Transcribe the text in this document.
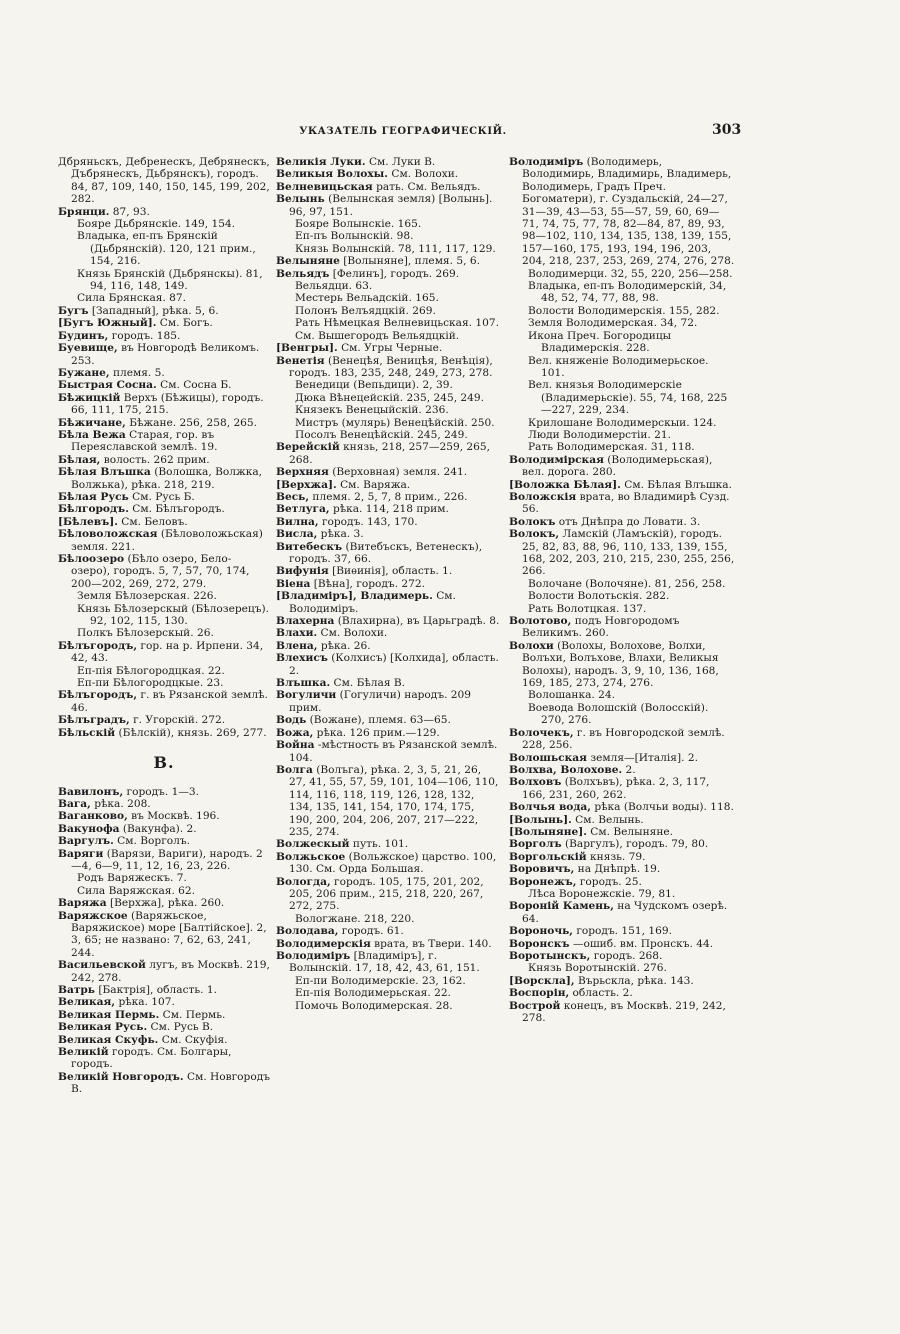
УКАЗАТЕЛЬ ГЕОГРАФИЧЕСКІЙ.	303

Дбряньскъ, Дебренескъ, Дебрянескъ, Дъбрянескъ, Дьбрянскъ), городъ. 84, 87, 109, 140, 150, 145, 199, 202, 282.

Брянци. 87, 93.

Бояре Дьбрянскіе. 149, 154.

Владыка, еп-пъ Брянскій (Дьбрянскій). 120, 121 прим., 154, 216.

Князь Брянскій (Дьбрянскы). 81, 94, 116, 148, 149.

Сила Брянская. 87.

Бугъ [Западный], рѣка. 5, 6.

[Бугъ Южный]. См. Богъ.

Будинъ, городъ. 185.

Буевище, въ Новгородѣ Великомъ. 253.

Бужане, племя. 5.

Быстрая Сосна. См. Сосна Б.

Бѣжицкій Верхъ (Бѣжицы), городъ. 66, 111, 175, 215.

Бѣжичане, Бѣжане. 256, 258, 265.

Бѣла Вежа Старая, гор. въ Переяславской землѣ. 19.

Бѣлая, волость. 262 прим.

Бѣлая Влъшка (Волошка, Волжка, Волжька), рѣка. 218, 219.

Бѣлая Русь См. Русь Б.

Бѣлгородъ. См. Бѣлъгородъ.

[Бѣлевъ]. См. Беловъ.

Бѣловоложская (Бѣловоложьская) земля. 221.

Бѣлоозеро (Бѣло озеро, Бело-озеро), городъ. 5, 7, 57, 70, 174, 200—202, 269, 272, 279.

Земля Бѣлозерская. 226.

Князь Бѣлозерскый (Бѣлозерецъ). 92, 102, 115, 130.

Полкъ Бѣлозерскый. 26.

Бѣлъгородъ, гор. на р. Ирпени. 34, 42, 43.

Еп-пія Бѣлогородцкая. 22.

Еп-пи Бѣлогородцкые. 23.

Бѣлъгородъ, г. въ Рязанской землѣ. 46.

Бѣлъградъ, г. Угорскій. 272.

Бѣльскій (Бѣлскій), князь. 269, 277.

В.

Вавилонъ, городъ. 1—3.

Вага, рѣка. 208.

Ваганково, въ Москвѣ. 196.

Вакунофа (Вакунфа). 2.

Варгулъ. См. Ворголъ.

Варяги (Варязи, Вариги), народъ. 2—4, 6—9, 11, 12, 16, 23, 226.

Родъ Варяжескъ. 7.

Сила Варяжская. 62.

Варяжа [Верхжа], рѣка. 260.

Варяжское (Варяжьское, Варяжиское) море [Балтійское]. 2, 3, 65; не названо: 7, 62, 63, 241, 244.

Васильевской лугъ, въ Москвѣ. 219, 242, 278.

Ватрь [Бактрія], область. 1.

Великая, рѣка. 107.

Великая Пермь. См. Пермь.

Великая Русь. См. Русь В.

Великая Скуфь. См. Скуфія.

Великій городъ. См. Болгары, городъ.

Великій Новгородъ. См. Новгородъ В.

Великія Луки. См. Луки В.

Великыя Волохы. См. Волохи.

Велневицьская рать. См. Вельядъ.

Велынь (Велынская земля) [Волынь]. 96, 97, 151.

Бояре Волынскіе. 165.

Еп-пъ Волынскій. 98.

Князь Волынскій. 78, 111, 117, 129.

Велыняне [Волыняне], племя. 5, 6.

Вельядъ [Фелинъ], городъ. 269.

Вельядци. 63.

Местерь Вельадскій. 165.

Полонъ Велъядцкій. 269.

Рать Нѣмецкая Велневицьская. 107.

См. Вышегородъ Вельядцкій.

[Венгры]. См. Угры Черные.

Венетія (Венецѣя, Веницѣя, Венѣція), городъ. 183, 235, 248, 249, 273, 278.

Венедици (Вепьдици). 2, 39.

Дюка Вѣнецейскій. 235, 245, 249.

Князекъ Венецыйскій. 236.

Мистръ (мулярь) Венецѣйскій. 250.

Посолъ Венецѣйскій. 245, 249.

Верейскій князь, 218, 257—259, 265, 268.

Верхняя (Верховная) земля. 241.

[Верхжа]. См. Варяжа.

Весь, племя. 2, 5, 7, 8 прим., 226.

Ветлуга, рѣка. 114, 218 прим.

Вилна, городъ. 143, 170.

Висла, рѣка. 3.

Витебескъ (Витебъскъ, Ветенескъ), городъ. 37, 66.

Вифунія [Виѳинія], область. 1.

Віена [Вѣна], городъ. 272.

[Владиміръ], Владимерь. См. Володиміръ.

Влахерна (Влахирна), въ Царьградѣ. 8.

Влахи. См. Волохи.

Влена, рѣка. 26.

Влехисъ (Колхисъ) [Колхида], область. 2.

Влъшка. См. Бѣлая В.

Вогуличи (Гогуличи) народъ. 209 прим.

Водь (Вожане), племя. 63—65.

Вожа, рѣка. 126 прим.—129.

Война -мѣстность въ Рязанской землѣ. 104.

Волга (Волъга), рѣка. 2, 3, 5, 21, 26, 27, 41, 55, 57, 59, 101, 104—106, 110, 114, 116, 118, 119, 126, 128, 132, 134, 135, 141, 154, 170, 174, 175, 190, 200, 204, 206, 207, 217—222, 235, 274.

Волжескый путь. 101.

Волжьское (Вольжское) царство. 100, 130. См. Орда Большая.

Вологда, городъ. 105, 175, 201, 202, 205, 206 прим., 215, 218, 220, 267, 272, 275.

Вологжане. 218, 220.

Володава, городъ. 61.

Володимерскія врата, въ Твери. 140.

Володиміръ [Владиміръ], г. Волынскій. 17, 18, 42, 43, 61, 151.

Еп-пи Володимерскіе. 23, 162.

Еп-пія Володимерьская. 22.

Помочь Володимерская. 28.

Володиміръ (Володимерь, Володимирь, Владимирь, Владимерь, Володимерь, Градъ Преч. Богоматери), г. Суздальскій, 24—27, 31—39, 43—53, 55—57, 59, 60, 69—71, 74, 75, 77, 78, 82—84, 87, 89, 93, 98—102, 110, 134, 135, 138, 139, 155, 157—160, 175, 193, 194, 196, 203, 204, 218, 237, 253, 269, 274, 276, 278.

Володимерци. 32, 55, 220, 256—258.

Владыка, еп-пъ Володимерскій, 34, 48, 52, 74, 77, 88, 98.

Волости Володимерскія. 155, 282.

Земля Володимерская. 34, 72.

Икона Преч. Богородицы Владимерскія. 228.

Вел. княженіе Володимерьское. 101.

Вел. князья Володимерскіе (Владимерьскіе). 55, 74, 168, 225—227, 229, 234.

Крилошане Володимерскыи. 124.

Люди Володимерстіи. 21.

Рать Володимерская. 31, 118.

Володимірская (Володимерьская), вел. дорога. 280.

[Воложка Бѣлая]. См. Бѣлая Влъшка.

Воложскія врата, во Владимирѣ Сузд. 56.

Волокъ отъ Днѣпра до Ловати. 3.

Волокъ, Ламскій (Ламъскій), городъ. 25, 82, 83, 88, 96, 110, 133, 139, 155, 168, 202, 203, 210, 215, 230, 255, 256, 266.

Волочане (Волочяне). 81, 256, 258.

Волости Волотьскія. 282.

Рать Волотцкая. 137.

Волотово, подъ Новгородомъ Великимъ. 260.

Волохи (Волохы, Волохове, Волхи, Волъхи, Волъхове, Влахи, Великыя Волохы), народъ. 3, 9, 10, 136, 168, 169, 185, 273, 274, 276.

Волошанка. 24.

Воевода Волошскій (Волосскій). 270, 276.

Волочекъ, г. въ Новгородской землѣ. 228, 256.

Волошьская земля—[Италія]. 2.

Волхва, Волохове. 2.

Волховъ (Волхъвъ), рѣка. 2, 3, 117, 166, 231, 260, 262.

Волчья вода, рѣка (Волчьи воды). 118.

[Волынь]. См. Велынь.

[Волыняне]. См. Велыняне.

Ворголъ (Варгулъ), городъ. 79, 80.

Воргольскій князь. 79.

Воровичъ, на Днѣпрѣ. 19.

Воронежъ, городъ. 25.

Лѣса Воронежскіе. 79, 81.

Вороній Камень, на Чудскомъ озерѣ. 64.

Вороночь, городъ. 151, 169.

Воронскъ —ошиб. вм. Пронскъ. 44.

Воротынскъ, городъ. 268.

Князь Воротынскій. 276.

[Ворскла], Върьскла, рѣка. 143.

Воспорін, область. 2.

Вострой конецъ, въ Москвѣ. 219, 242, 278.
